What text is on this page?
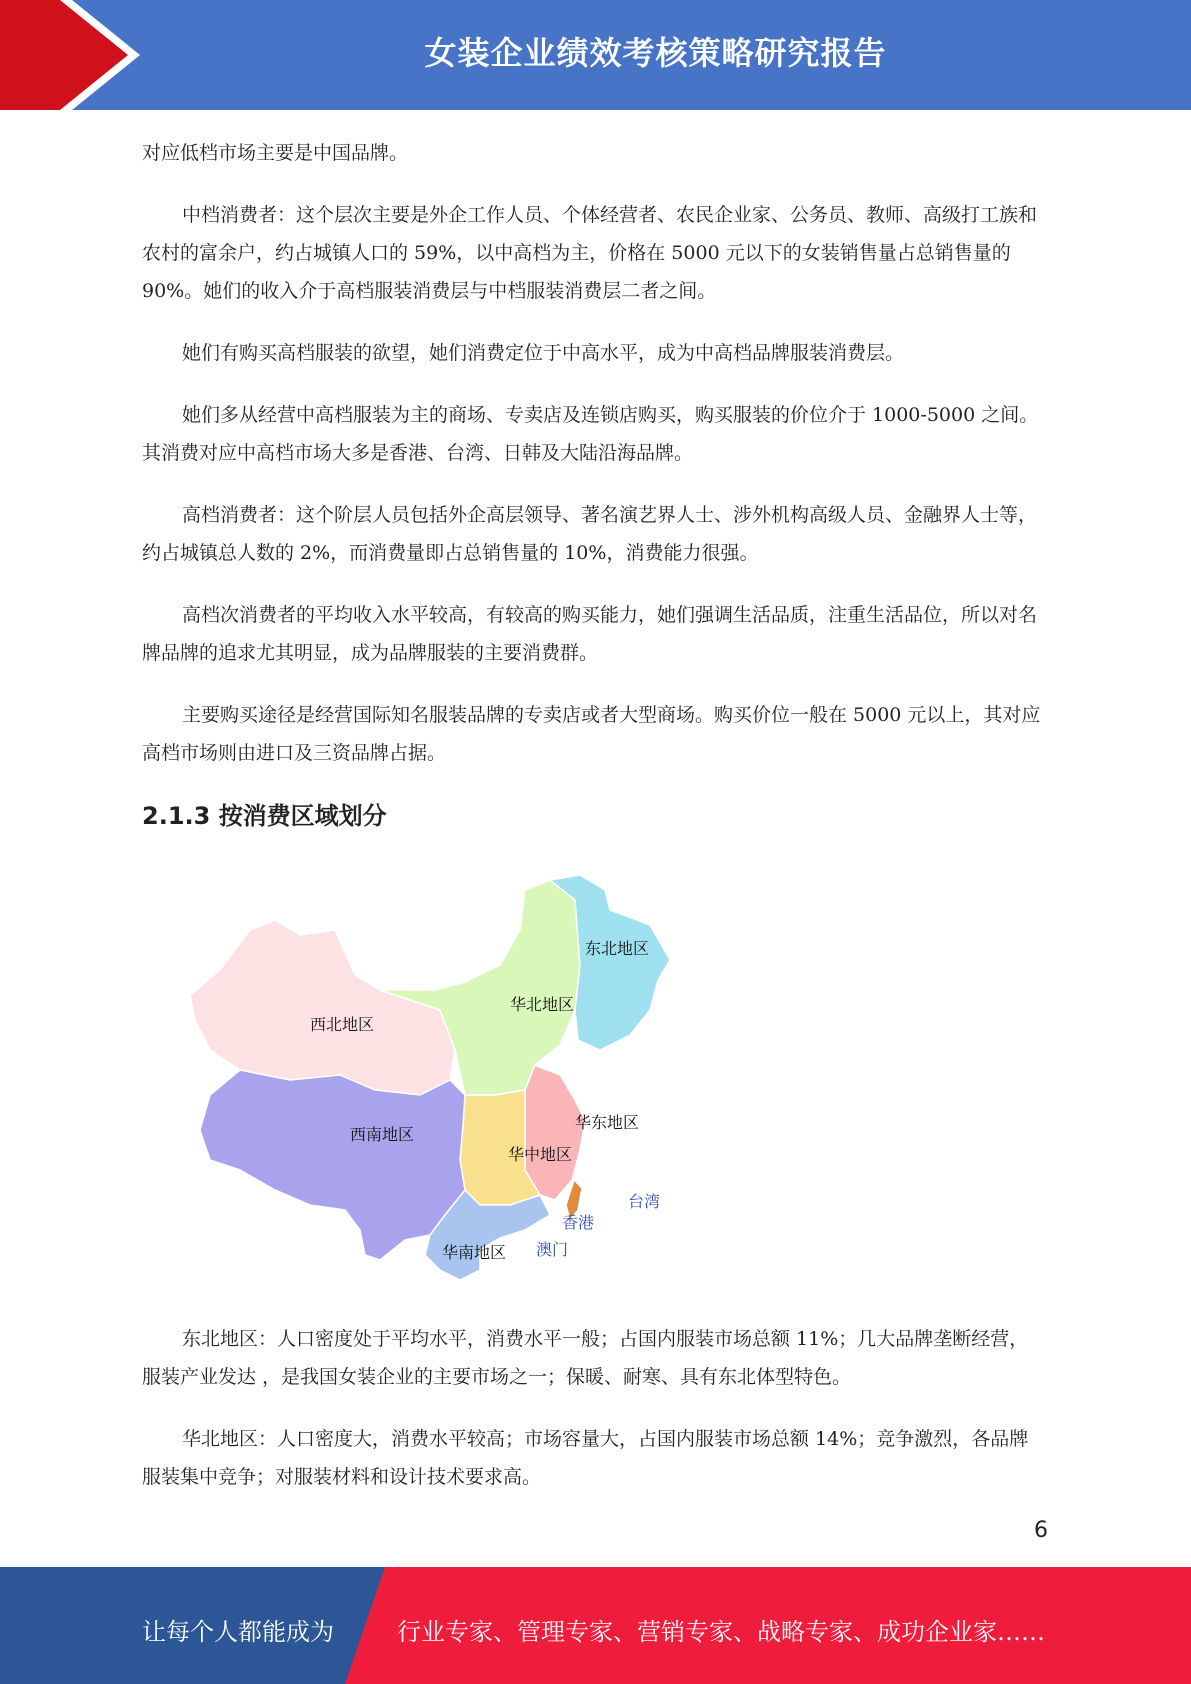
女装企业绩效考核策略研究报告

对应低档市场主要是中国品牌。

中档消费者：这个层次主要是外企工作人员、个体经营者、农民企业家、公务员、教师、高级打工族和农村的富余户，约占城镇人口的 59%，以中高档为主，价格在 5000 元以下的女装销售量占总销售量的 90%。她们的收入介于高档服装消费层与中档服装消费层二者之间。

她们有购买高档服装的欲望，她们消费定位于中高水平，成为中高档品牌服装消费层。

她们多从经营中高档服装为主的商场、专卖店及连锁店购买，购买服装的价位介于 1000-5000 之间。其消费对应中高档市场大多是香港、台湾、日韩及大陆沿海品牌。

高档消费者：这个阶层人员包括外企高层领导、著名演艺界人士、涉外机构高级人员、金融界人士等，约占城镇总人数的 2%，而消费量即占总销售量的 10%，消费能力很强。

高档次消费者的平均收入水平较高，有较高的购买能力，她们强调生活品质，注重生活品位，所以对名牌品牌的追求尤其明显，成为品牌服装的主要消费群。

主要购买途径是经营国际知名服装品牌的专卖店或者大型商场。购买价位一般在 5000 元以上，其对应高档市场则由进口及三资品牌占据。

2.1.3 按消费区域划分
东北地区
华北地区
西北地区
华东地区
西南地区
华中地区
华南地区
台湾
香港
澳门

东北地区：人口密度处于平均水平，消费水平一般；占国内服装市场总额 11%；几大品牌垄断经营，服装产业发达 ，是我国女装企业的主要市场之一；保暖、耐寒、具有东北体型特色。

华北地区：人口密度大，消费水平较高；市场容量大，占国内服装市场总额 14%；竞争激烈，各品牌服装集中竞争；对服装材料和设计技术要求高。

6
让每个人都能成为	行业专家、管理专家、营销专家、战略专家、成功企业家……
